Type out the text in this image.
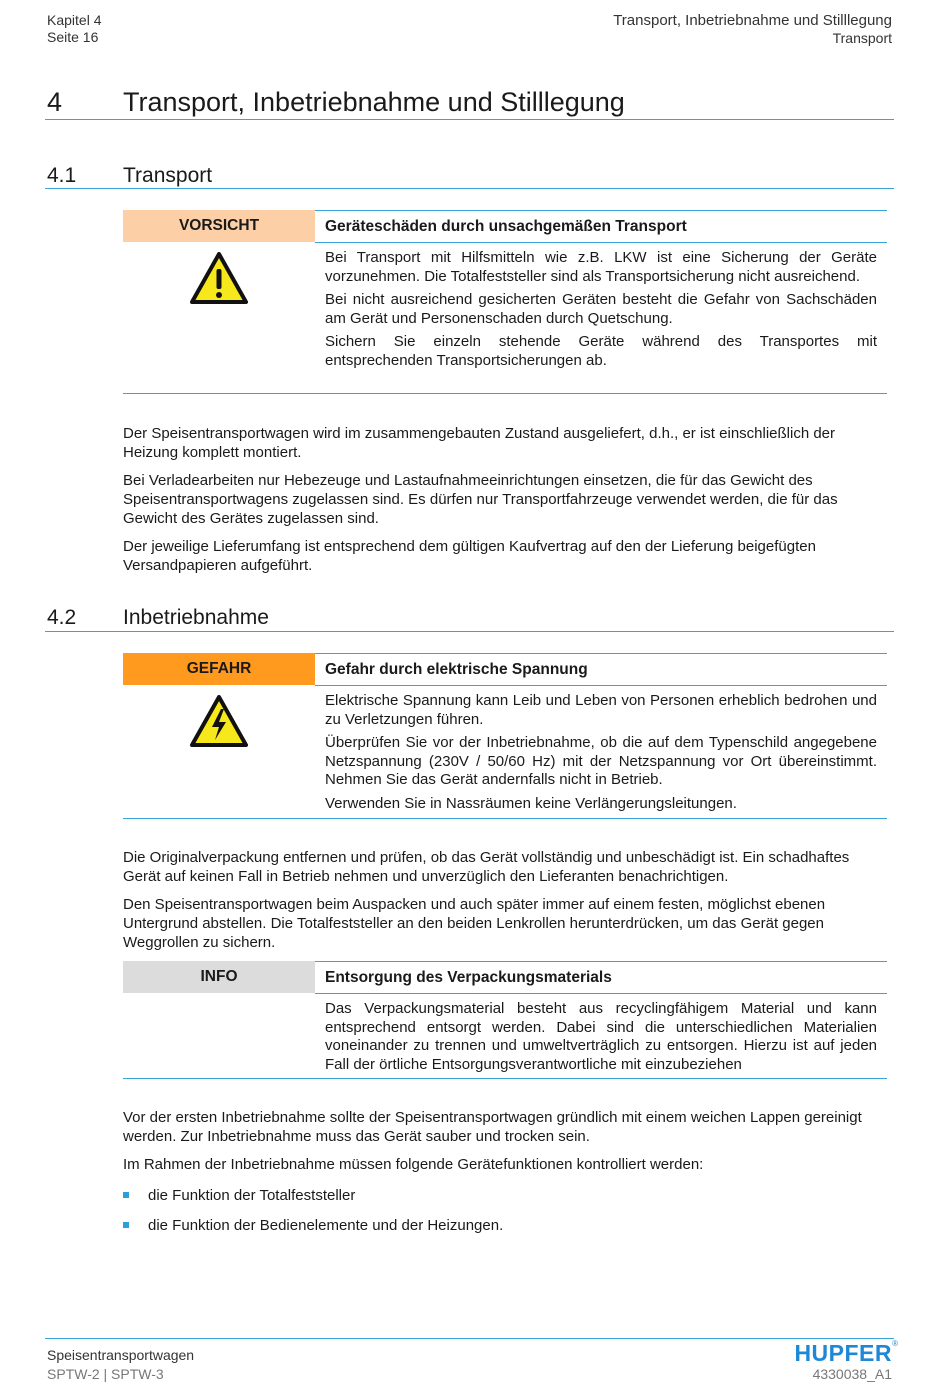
Kapitel 4
Seite 16
Transport, Inbetriebnahme und Stilllegung
Transport
4 Transport, Inbetriebnahme und Stilllegung
4.1 Transport
VORSICHT	Geräteschäden durch unsachgemäßen Transport

Bei Transport mit Hilfsmitteln wie z.B. LKW ist eine Sicherung der Geräte vorzunehmen. Die Totalfeststeller sind als Transportsicherung nicht ausreichend.

Bei nicht ausreichend gesicherten Geräten besteht die Gefahr von Sachschäden am Gerät und Personenschaden durch Quetschung.

Sichern Sie einzeln stehende Geräte während des Transportes mit entsprechenden Transportsicherungen ab.

Der Speisentransportwagen wird im zusammengebauten Zustand ausgeliefert, d.h., er ist einschließlich der Heizung komplett montiert.

Bei Verladearbeiten nur Hebezeuge und Lastaufnahmeeinrichtungen einsetzen, die für das Gewicht des Speisentransportwagens zugelassen sind. Es dürfen nur Transportfahrzeuge verwendet werden, die für das Gewicht des Gerätes zugelassen sind.

Der jeweilige Lieferumfang ist entsprechend dem gültigen Kaufvertrag auf den der Lieferung beigefügten Versandpapieren aufgeführt.

4.2 Inbetriebnahme
GEFAHR	Gefahr durch elektrische Spannung

Elektrische Spannung kann Leib und Leben von Personen erheblich bedrohen und zu Verletzungen führen.

Überprüfen Sie vor der Inbetriebnahme, ob die auf dem Typenschild angegebene Netzspannung (230V / 50/60 Hz) mit der Netzspannung vor Ort übereinstimmt. Nehmen Sie das Gerät andernfalls nicht in Betrieb.

Verwenden Sie in Nassräumen keine Verlängerungsleitungen.

Die Originalverpackung entfernen und prüfen, ob das Gerät vollständig und unbeschädigt ist. Ein schadhaftes Gerät auf keinen Fall in Betrieb nehmen und unverzüglich den Lieferanten benachrichtigen.

Den Speisentransportwagen beim Auspacken und auch später immer auf einem festen, möglichst ebenen Untergrund abstellen. Die Totalfeststeller an den beiden Lenkrollen herunterdrücken, um das Gerät gegen Weggrollen zu sichern.

INFO	Entsorgung des Verpackungsmaterials

Das Verpackungsmaterial besteht aus recyclingfähigem Material und kann entsprechend entsorgt werden. Dabei sind die unterschiedlichen Materialien voneinander zu trennen und umweltverträglich zu entsorgen. Hierzu ist auf jeden Fall der örtliche Entsorgungsverantwortliche mit einzubeziehen

Vor der ersten Inbetriebnahme sollte der Speisentransportwagen gründlich mit einem weichen Lappen gereinigt werden. Zur Inbetriebnahme muss das Gerät sauber und trocken sein.

Im Rahmen der Inbetriebnahme müssen folgende Gerätefunktionen kontrolliert werden:

die Funktion der Totalfeststeller
die Funktion der Bedienelemente und der Heizungen.
Speisentransportwagen
SPTW-2 | SPTW-3
HUPFER ®
4330038_A1
